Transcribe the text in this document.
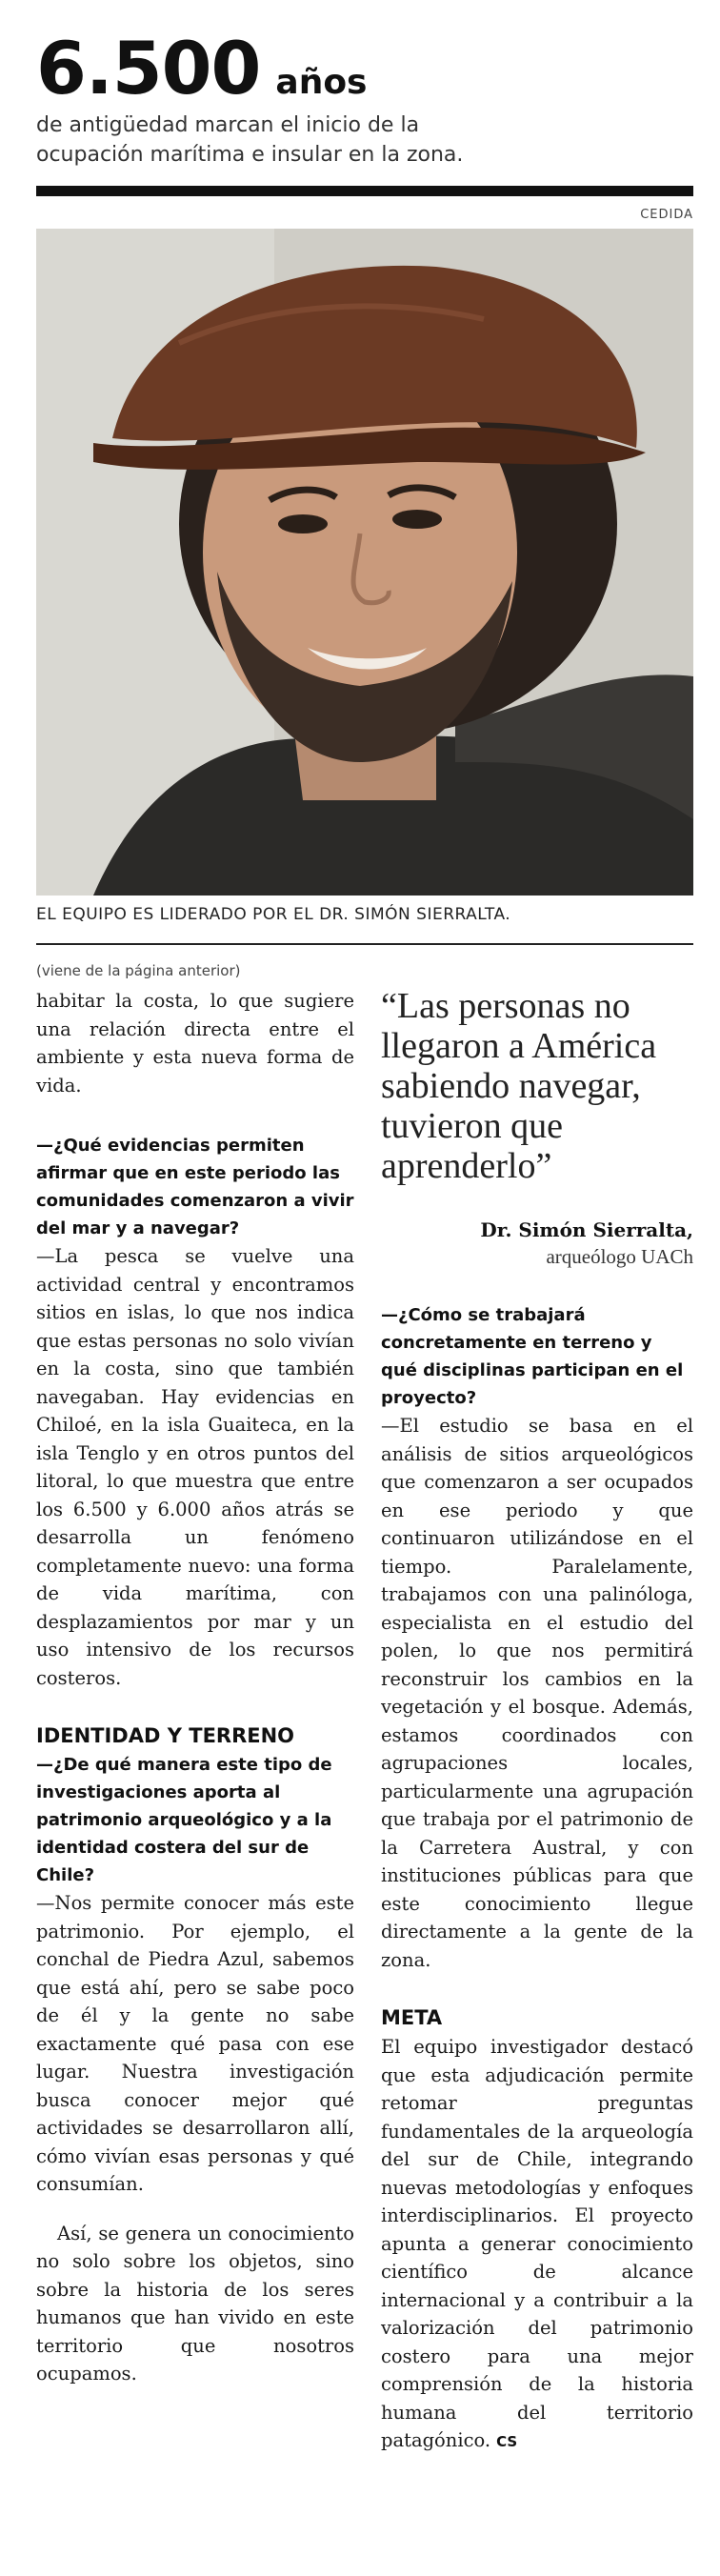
6.500 años
de antigüedad marcan el inicio de la ocupación marítima e insular en la zona.
CEDIDA
EL EQUIPO ES LIDERADO POR EL DR. SIMÓN SIERRALTA.
(viene de la página anterior)

habitar la costa, lo que sugiere una relación directa entre el ambiente y esta nueva forma de vida.

—¿Qué evidencias permiten afirmar que en este periodo las comunidades comenzaron a vivir del mar y a navegar?

—La pesca se vuelve una actividad central y encontramos sitios en islas, lo que nos indica que estas personas no solo vivían en la costa, sino que también navegaban. Hay evidencias en Chiloé, en la isla Guaiteca, en la isla Tenglo y en otros puntos del litoral, lo que muestra que entre los 6.500 y 6.000 años atrás se desarrolla un fenómeno completamente nuevo: una forma de vida marítima, con desplazamientos por mar y un uso intensivo de los recursos costeros.

IDENTIDAD Y TERRENO

—¿De qué manera este tipo de investigaciones aporta al patrimonio arqueológico y a la identidad costera del sur de Chile?

—Nos permite conocer más este patrimonio. Por ejemplo, el conchal de Piedra Azul, sabemos que está ahí, pero se sabe poco de él y la gente no sabe exactamente qué pasa con ese lugar. Nuestra investigación busca conocer mejor qué actividades se desarrollaron allí, cómo vivían esas personas y qué consumían.

Así, se genera un conocimiento no solo sobre los objetos, sino sobre la historia de los seres humanos que han vivido en este territorio que nosotros ocupamos.

“Las personas no llegaron a América sabiendo navegar, tuvieron que aprenderlo”
Dr. Simón Sierralta,
arqueólogo UACh

—¿Cómo se trabajará concretamente en terreno y qué disciplinas participan en el proyecto?

—El estudio se basa en el análisis de sitios arqueológicos que comenzaron a ser ocupados en ese periodo y que continuaron utilizándose en el tiempo. Paralelamente, trabajamos con una palinóloga, especialista en el estudio del polen, lo que nos permitirá reconstruir los cambios en la vegetación y el bosque. Además, estamos coordinados con agrupaciones locales, particularmente una agrupación que trabaja por el patrimonio de la Carretera Austral, y con instituciones públicas para que este conocimiento llegue directamente a la gente de la zona.

META

El equipo investigador destacó que esta adjudicación permite retomar preguntas fundamentales de la arqueología del sur de Chile, integrando nuevas metodologías y enfoques interdisciplinarios. El proyecto apunta a generar conocimiento científico de alcance internacional y a contribuir a la valorización del patrimonio costero para una mejor comprensión de la historia humana del territorio patagónico. CS
